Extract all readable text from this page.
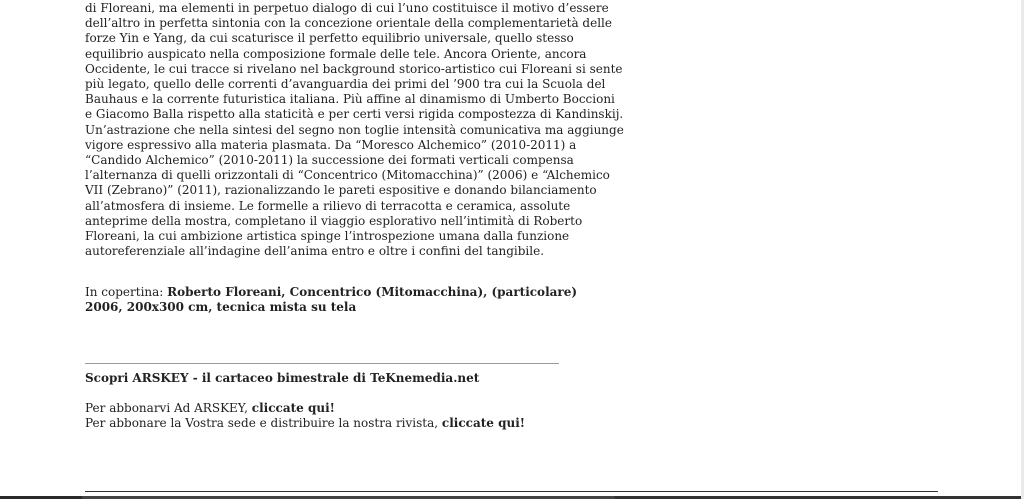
di Floreani, ma elementi in perpetuo dialogo di cui l’uno costituisce il motivo d’essere
dell’altro in perfetta sintonia con la concezione orientale della complementarietà delle
forze Yin e Yang, da cui scaturisce il perfetto equilibrio universale, quello stesso
equilibrio auspicato nella composizione formale delle tele. Ancora Oriente, ancora
Occidente, le cui tracce si rivelano nel background storico-artistico cui Floreani si sente
più legato, quello delle correnti d’avanguardia dei primi del ’900 tra cui la Scuola del
Bauhaus e la corrente futuristica italiana. Più affine al dinamismo di Umberto Boccioni
e Giacomo Balla rispetto alla staticità e per certi versi rigida compostezza di Kandinskij.
Un’astrazione che nella sintesi del segno non toglie intensità comunicativa ma aggiunge
vigore espressivo alla materia plasmata. Da “Moresco Alchemico” (2010-2011) a
“Candido Alchemico” (2010-2011) la successione dei formati verticali compensa
l’alternanza di quelli orizzontali di “Concentrico (Mitomacchina)” (2006) e “Alchemico
VII (Zebrano)” (2011), razionalizzando le pareti espositive e donando bilanciamento
all’atmosfera di insieme. Le formelle a rilievo di terracotta e ceramica, assolute
anteprime della mostra, completano il viaggio esplorativo nell’intimità di Roberto
Floreani, la cui ambizione artistica spinge l’introspezione umana dalla funzione
autoreferenziale all’indagine dell’anima entro e oltre i confini del tangibile.
In copertina: Roberto Floreani, Concentrico (Mitomacchina), (particolare)
2006, 200x300 cm, tecnica mista su tela
Scopri ARSKEY - il cartaceo bimestrale di TeKnemedia.net
Per abbonarvi Ad ARSKEY, cliccate qui!
Per abbonare la Vostra sede e distribuire la nostra rivista, cliccate qui!
